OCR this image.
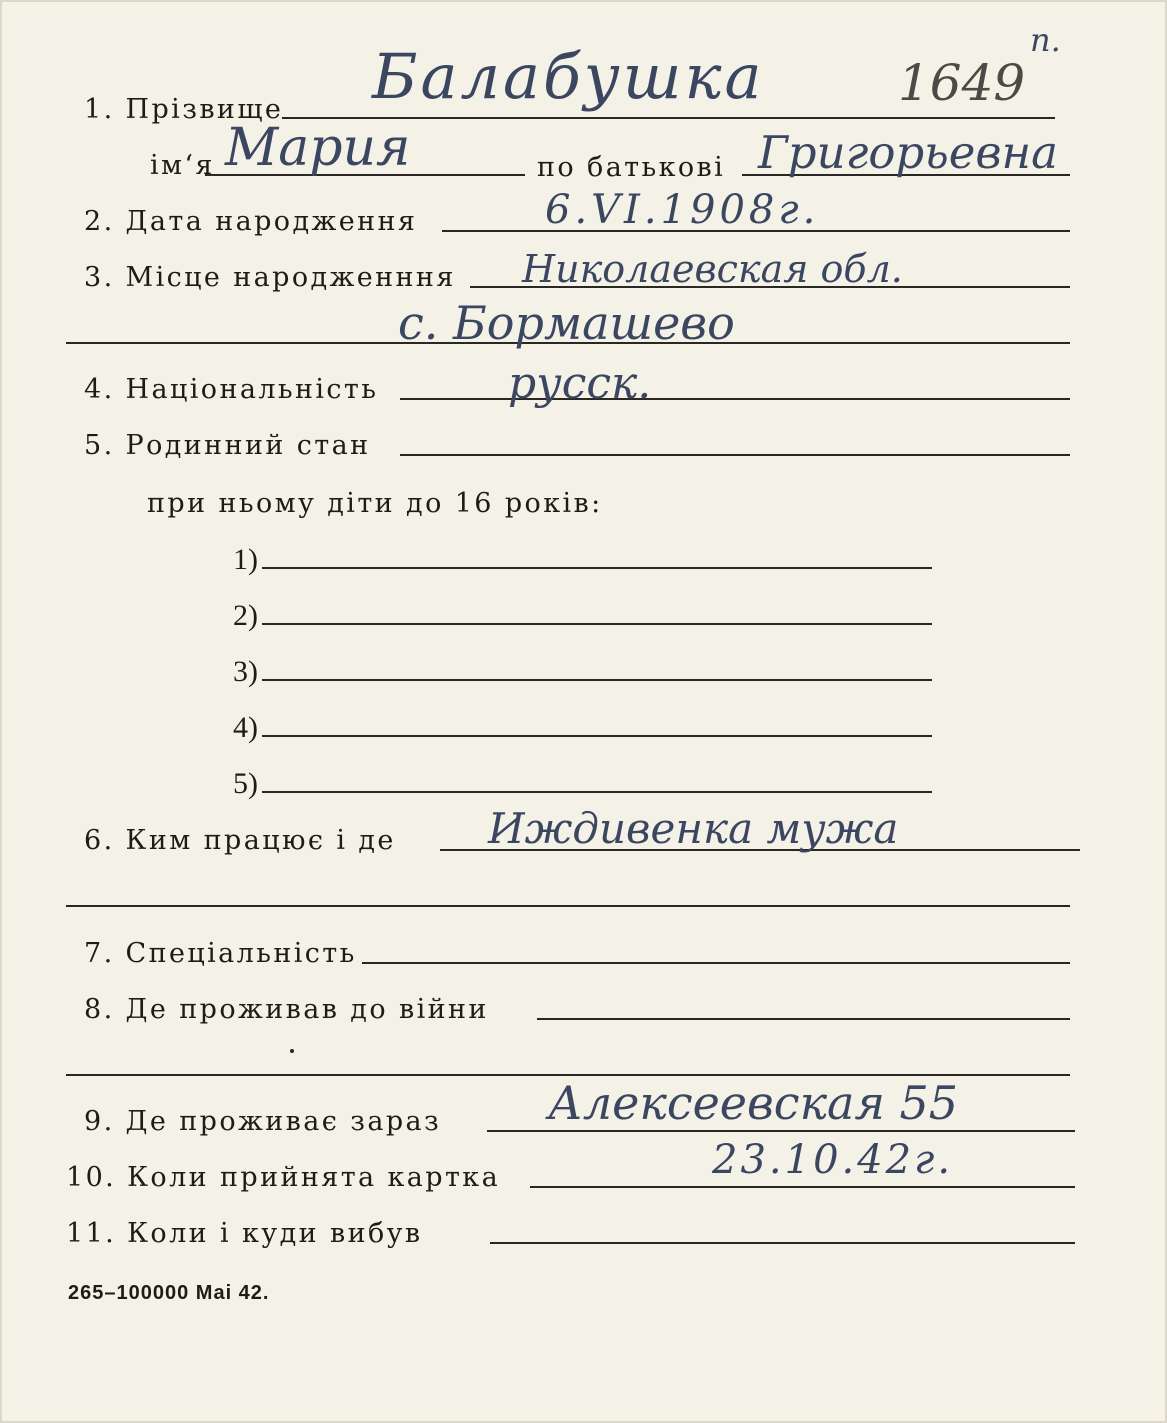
1. Прізвище Балабушка	1649
п.
ім‘я Мария	по батькові Григорьевна
2. Дата народження	6.VI.1908г.
3. Місце народженння Николаевская обл.
с. Бормашево
4. Національність	русск.
5. Родинний стан
при ньому діти до 16 років:
1)
2)
3)
4)
5)
6. Ким працює і де Иждивенка мужа
7. Спеціальність
8. Де проживав до війни
9. Де проживає зараз Алексеевская 55
10. Коли прийнята картка	23.10.42г.
11. Коли і куди вибув
265–100000 Mai 42.
